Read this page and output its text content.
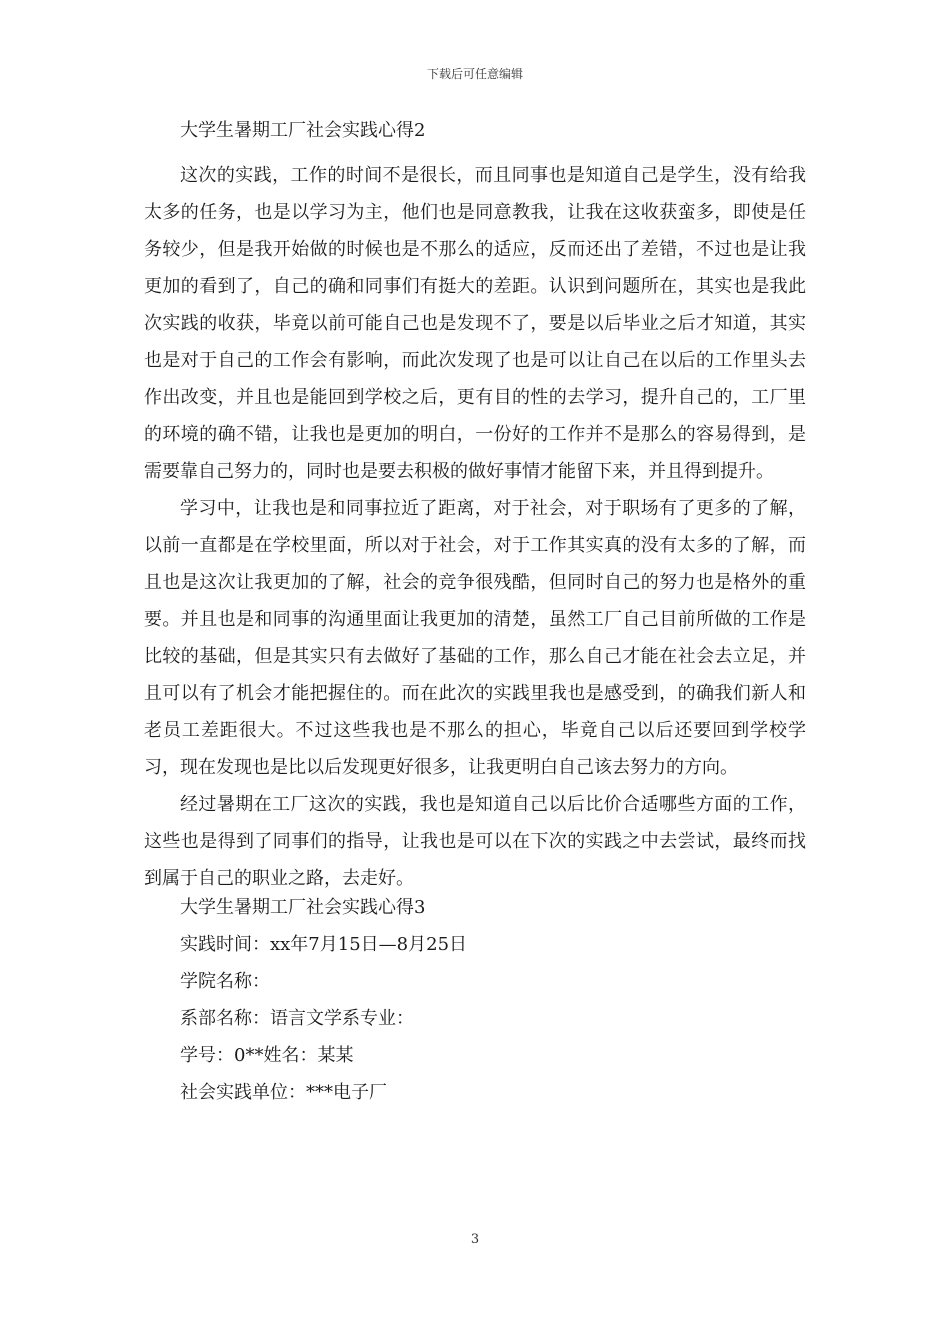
下载后可任意编辑
大学生暑期工厂社会实践心得2

这次的实践，工作的时间不是很长，而且同事也是知道自己是学生，没有给我太多的任务，也是以学习为主，他们也是同意教我，让我在这收获蛮多，即使是任务较少，但是我开始做的时候也是不那么的适应，反而还出了差错，不过也是让我更加的看到了，自己的确和同事们有挺大的差距。认识到问题所在，其实也是我此次实践的收获，毕竟以前可能自己也是发现不了，要是以后毕业之后才知道，其实也是对于自己的工作会有影响，而此次发现了也是可以让自己在以后的工作里头去作出改变，并且也是能回到学校之后，更有目的性的去学习，提升自己的，工厂里的环境的确不错，让我也是更加的明白，一份好的工作并不是那么的容易得到，是需要靠自己努力的，同时也是要去积极的做好事情才能留下来，并且得到提升。

学习中，让我也是和同事拉近了距离，对于社会，对于职场有了更多的了解，以前一直都是在学校里面，所以对于社会，对于工作其实真的没有太多的了解，而且也是这次让我更加的了解，社会的竞争很残酷，但同时自己的努力也是格外的重要。并且也是和同事的沟通里面让我更加的清楚，虽然工厂自己目前所做的工作是比较的基础，但是其实只有去做好了基础的工作，那么自己才能在社会去立足，并且可以有了机会才能把握住的。而在此次的实践里我也是感受到，的确我们新人和老员工差距很大。不过这些我也是不那么的担心，毕竟自己以后还要回到学校学习，现在发现也是比以后发现更好很多，让我更明白自己该去努力的方向。

经过暑期在工厂这次的实践，我也是知道自己以后比价合适哪些方面的工作，这些也是得到了同事们的指导，让我也是可以在下次的实践之中去尝试，最终而找到属于自己的职业之路，去走好。

大学生暑期工厂社会实践心得3
实践时间：xx年7月15日—8月25日
学院名称：
系部名称：语言文学系专业：
学号：0**姓名：某某
社会实践单位：***电子厂
3
